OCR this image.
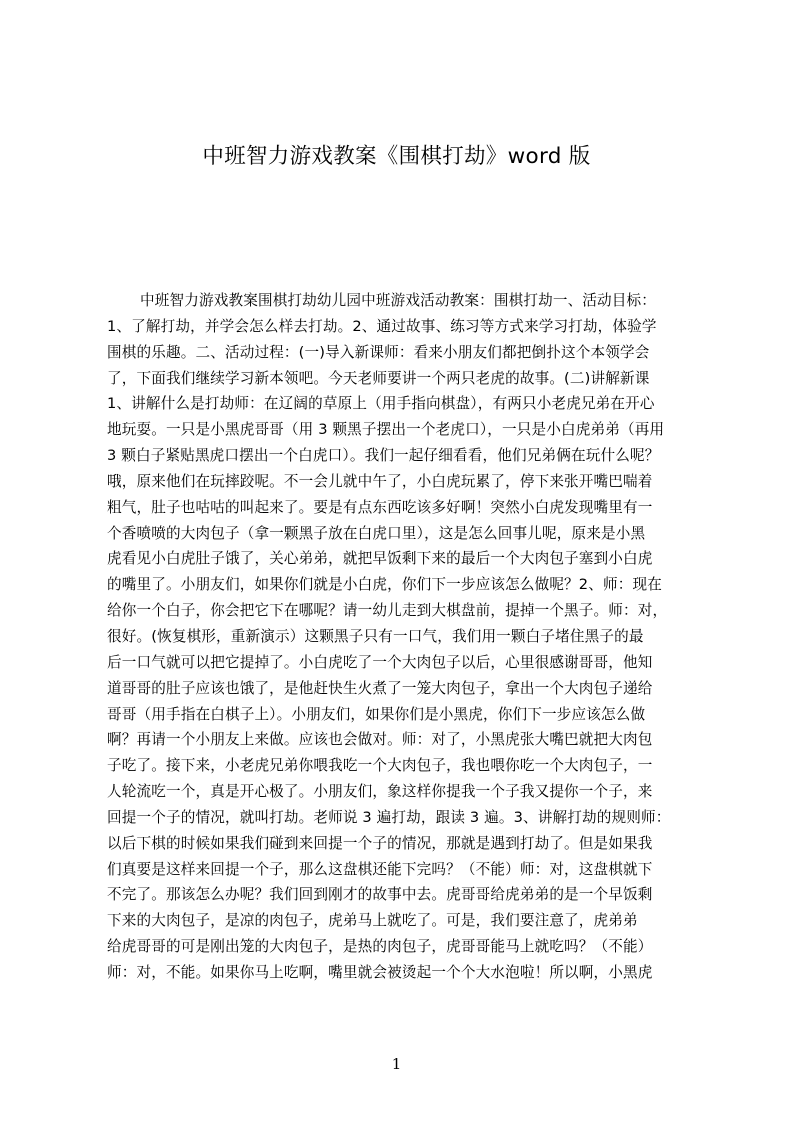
中班智力游戏教案《围棋打劫》word 版
中班智力游戏教案围棋打劫幼儿园中班游戏活动教案：围棋打劫一、活动目标：
1、了解打劫，并学会怎么样去打劫。2、通过故事、练习等方式来学习打劫，体验学
围棋的乐趣。二、活动过程：(一)导入新课师：看来小朋友们都把倒扑这个本领学会
了，下面我们继续学习新本领吧。今天老师要讲一个两只老虎的故事。(二)讲解新课
1、讲解什么是打劫师：在辽阔的草原上（用手指向棋盘），有两只小老虎兄弟在开心
地玩耍。一只是小黑虎哥哥（用 3 颗黑子摆出一个老虎口），一只是小白虎弟弟（再用
3 颗白子紧贴黑虎口摆出一个白虎口）。我们一起仔细看看，他们兄弟俩在玩什么呢？
哦，原来他们在玩摔跤呢。不一会儿就中午了，小白虎玩累了，停下来张开嘴巴喘着
粗气，肚子也咕咕的叫起来了。要是有点东西吃该多好啊！突然小白虎发现嘴里有一
个香喷喷的大肉包子（拿一颗黑子放在白虎口里），这是怎么回事儿呢，原来是小黑
虎看见小白虎肚子饿了，关心弟弟，就把早饭剩下来的最后一个大肉包子塞到小白虎
的嘴里了。小朋友们，如果你们就是小白虎，你们下一步应该怎么做呢？2、师：现在
给你一个白子，你会把它下在哪呢？请一幼儿走到大棋盘前，提掉一个黑子。师：对，
很好。(恢复棋形，重新演示）这颗黑子只有一口气，我们用一颗白子堵住黑子的最
后一口气就可以把它提掉了。小白虎吃了一个大肉包子以后，心里很感谢哥哥，他知
道哥哥的肚子应该也饿了，是他赶快生火煮了一笼大肉包子，拿出一个大肉包子递给
哥哥（用手指在白棋子上）。小朋友们，如果你们是小黑虎，你们下一步应该怎么做
啊？再请一个小朋友上来做。应该也会做对。师：对了，小黑虎张大嘴巴就把大肉包
子吃了。接下来，小老虎兄弟你喂我吃一个大肉包子，我也喂你吃一个大肉包子，一
人轮流吃一个，真是开心极了。小朋友们，象这样你提我一个子我又提你一个子，来
回提一个子的情况，就叫打劫。老师说 3 遍打劫，跟读 3 遍。3、讲解打劫的规则师：
以后下棋的时候如果我们碰到来回提一个子的情况，那就是遇到打劫了。但是如果我
们真要是这样来回提一个子，那么这盘棋还能下完吗？（不能）师：对，这盘棋就下
不完了。那该怎么办呢？我们回到刚才的故事中去。虎哥哥给虎弟弟的是一个早饭剩
下来的大肉包子，是凉的肉包子，虎弟马上就吃了。可是，我们要注意了，虎弟弟
给虎哥哥的可是刚出笼的大肉包子，是热的肉包子，虎哥哥能马上就吃吗？（不能）
师：对，不能。如果你马上吃啊，嘴里就会被烫起一个个大水泡啦！所以啊，小黑虎
1
